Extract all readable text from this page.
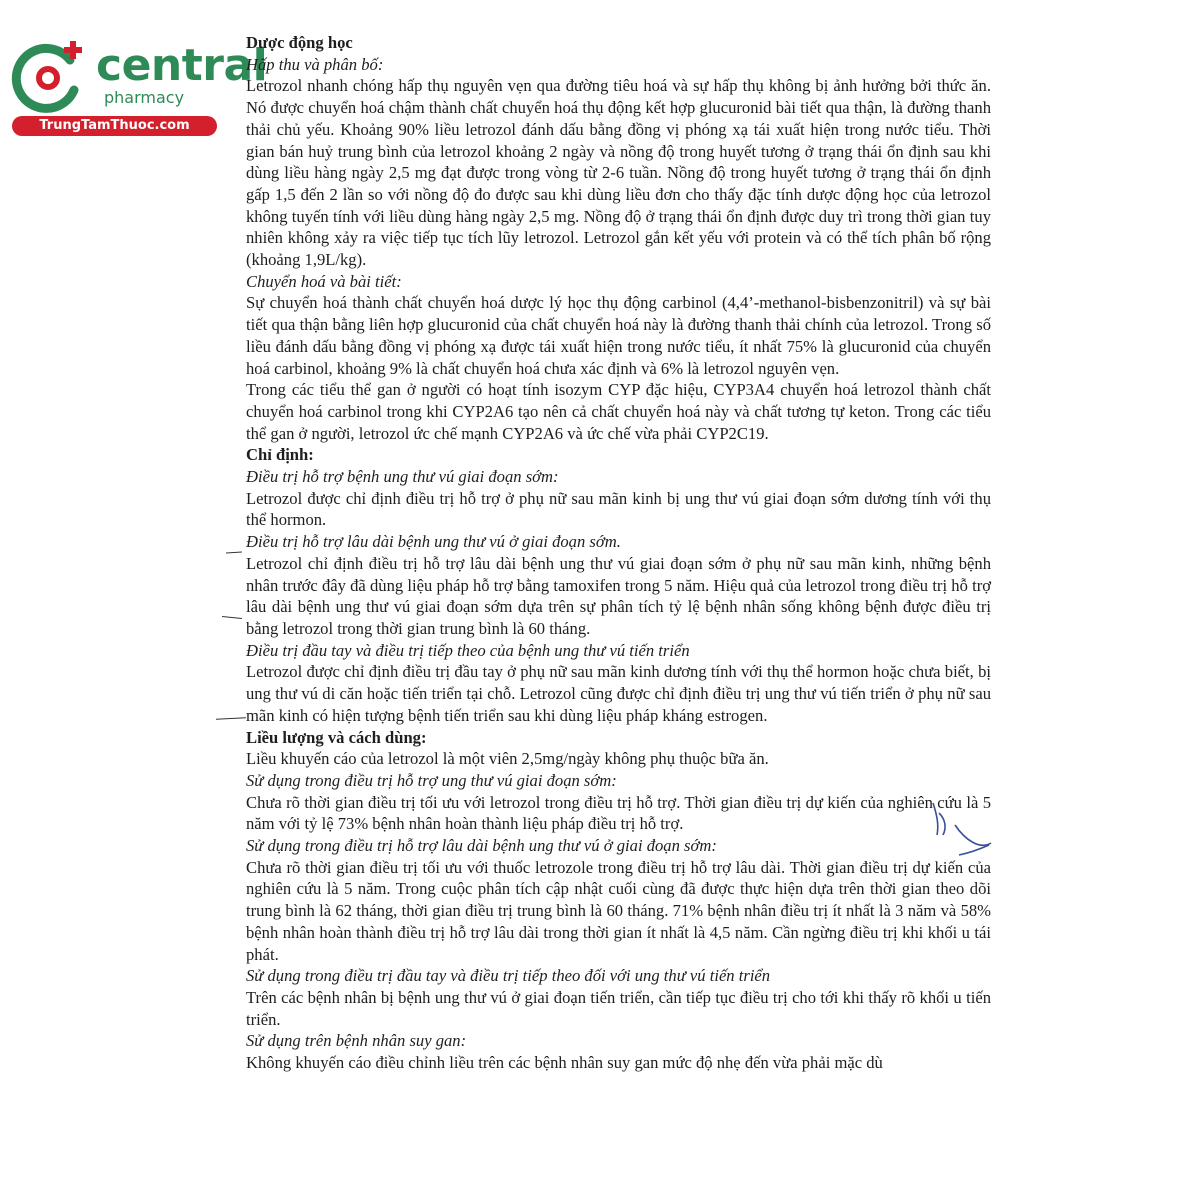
central
pharmacy
TrungTamThuoc.com

Dược động học

Hấp thu và phân bố:

Letrozol nhanh chóng hấp thụ nguyên vẹn qua đường tiêu hoá và sự hấp thụ không bị ảnh hưởng bởi thức ăn. Nó được chuyển hoá chậm thành chất chuyển hoá thụ động kết hợp glucuronid bài tiết qua thận, là đường thanh thải chủ yếu. Khoảng 90% liều letrozol đánh dấu bằng đồng vị phóng xạ tái xuất hiện trong nước tiểu. Thời gian bán huỷ trung bình của letrozol khoảng 2 ngày và nồng độ trong huyết tương ở trạng thái ổn định sau khi dùng liều hàng ngày 2,5 mg đạt được trong vòng từ 2-6 tuần. Nồng độ trong huyết tương ở trạng thái ổn định gấp 1,5 đến 2 lần so với nồng độ đo được sau khi dùng liều đơn cho thấy đặc tính dược động học của letrozol không tuyến tính với liều dùng hàng ngày 2,5 mg. Nồng độ ở trạng thái ổn định được duy trì trong thời gian tuy nhiên không xảy ra việc tiếp tục tích lũy letrozol. Letrozol gắn kết yếu với protein và có thể tích phân bố rộng (khoảng 1,9L/kg).

Chuyển hoá và bài tiết:

Sự chuyển hoá thành chất chuyển hoá dược lý học thụ động carbinol (4,4’-methanol-bisbenzonitril) và sự bài tiết qua thận bằng liên hợp glucuronid của chất chuyển hoá này là đường thanh thải chính của letrozol. Trong số liều đánh dấu bằng đồng vị phóng xạ được tái xuất hiện trong nước tiểu, ít nhất 75% là glucuronid của chuyển hoá carbinol, khoảng 9% là chất chuyển hoá chưa xác định và 6% là letrozol nguyên vẹn.

Trong các tiểu thể gan ở người có hoạt tính isozym CYP đặc hiệu, CYP3A4 chuyển hoá letrozol thành chất chuyển hoá carbinol trong khi CYP2A6 tạo nên cả chất chuyển hoá này và chất tương tự keton. Trong các tiểu thể gan ở người, letrozol ức chế mạnh CYP2A6 và ức chế vừa phải CYP2C19.

Chỉ định:

Điều trị hỗ trợ bệnh ung thư vú giai đoạn sớm:

Letrozol được chỉ định điều trị hỗ trợ ở phụ nữ sau mãn kinh bị ung thư vú giai đoạn sớm dương tính với thụ thể hormon.

Điều trị hỗ trợ lâu dài bệnh ung thư vú ở giai đoạn sớm.

Letrozol chỉ định điều trị hỗ trợ lâu dài bệnh ung thư vú giai đoạn sớm ở phụ nữ sau mãn kinh, những bệnh nhân trước đây đã dùng liệu pháp hỗ trợ bằng tamoxifen trong 5 năm. Hiệu quả của letrozol trong điều trị hỗ trợ lâu dài bệnh ung thư vú giai đoạn sớm dựa trên sự phân tích tỷ lệ bệnh nhân sống không bệnh được điều trị bằng letrozol trong thời gian trung bình là 60 tháng.

Điều trị đầu tay và điều trị tiếp theo của bệnh ung thư vú tiến triển

Letrozol được chỉ định điều trị đầu tay ở phụ nữ sau mãn kinh dương tính với thụ thể hormon hoặc chưa biết, bị ung thư vú di căn hoặc tiến triển tại chỗ. Letrozol cũng được chỉ định điều trị ung thư vú tiến triển ở phụ nữ sau mãn kinh có hiện tượng bệnh tiến triển sau khi dùng liệu pháp kháng estrogen.

Liều lượng và cách dùng:

Liều khuyến cáo của letrozol là một viên 2,5mg/ngày không phụ thuộc bữa ăn.

Sử dụng trong điều trị hỗ trợ ung thư vú giai đoạn sớm:

Chưa rõ thời gian điều trị tối ưu với letrozol trong điều trị hỗ trợ. Thời gian điều trị dự kiến của nghiên cứu là 5 năm với tỷ lệ 73% bệnh nhân hoàn thành liệu pháp điều trị hỗ trợ.

Sử dụng trong điều trị hỗ trợ lâu dài bệnh ung thư vú ở giai đoạn sớm:

Chưa rõ thời gian điều trị tối ưu với thuốc letrozole trong điều trị hỗ trợ lâu dài. Thời gian điều trị dự kiến của nghiên cứu là 5 năm. Trong cuộc phân tích cập nhật cuối cùng đã được thực hiện dựa trên thời gian theo dõi trung bình là 62 tháng, thời gian điều trị trung bình là 60 tháng. 71% bệnh nhân điều trị ít nhất là 3 năm và 58% bệnh nhân hoàn thành điều trị hỗ trợ lâu dài trong thời gian ít nhất là 4,5 năm. Cần ngừng điều trị khi khối u tái phát.

Sử dụng trong điều trị đầu tay và điều trị tiếp theo đối với ung thư vú tiến triển

Trên các bệnh nhân bị bệnh ung thư vú ở giai đoạn tiến triển, cần tiếp tục điều trị cho tới khi thấy rõ khối u tiến triển.

Sử dụng trên bệnh nhân suy gan:

Không khuyến cáo điều chỉnh liều trên các bệnh nhân suy gan mức độ nhẹ đến vừa phải mặc dù
